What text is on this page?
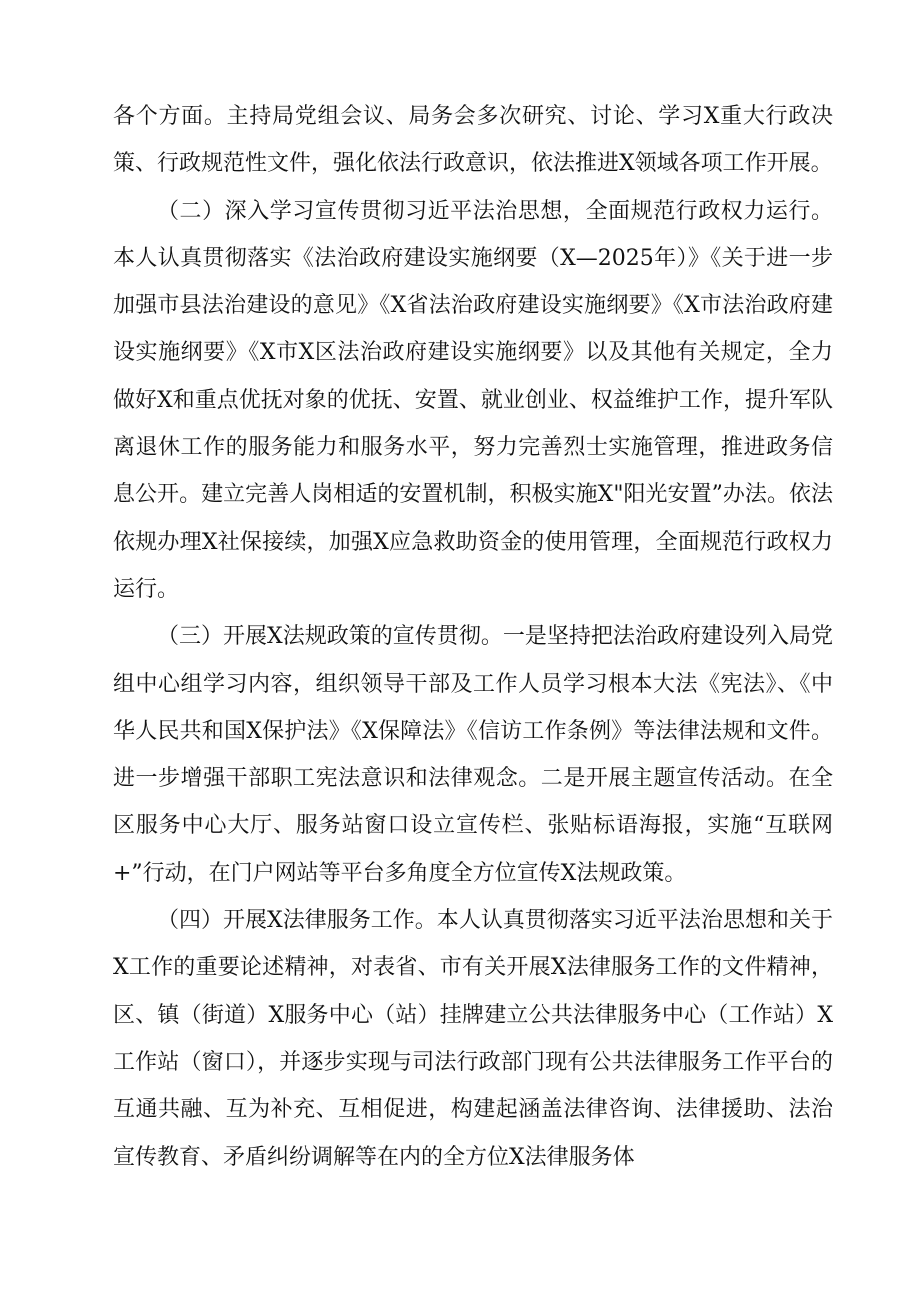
各个方面。主持局党组会议、局务会多次研究、讨论、学习X重大行政决策、行政规范性文件，强化依法行政意识，依法推进X领域各项工作开展。

（二）深入学习宣传贯彻习近平法治思想，全面规范行政权力运行。本人认真贯彻落实《法治政府建设实施纲要（X—2025年）》《关于进一步加强市县法治建设的意见》《X省法治政府建设实施纲要》《X市法治政府建设实施纲要》《X市X区法治政府建设实施纲要》以及其他有关规定，全力做好X和重点优抚对象的优抚、安置、就业创业、权益维护工作，提升军队离退休工作的服务能力和服务水平，努力完善烈士实施管理，推进政务信息公开。建立完善人岗相适的安置机制，积极实施X"阳光安置”办法。依法依规办理X社保接续，加强X应急救助资金的使用管理，全面规范行政权力运行。

（三）开展X法规政策的宣传贯彻。一是坚持把法治政府建设列入局党组中心组学习内容，组织领导干部及工作人员学习根本大法《宪法》、《中华人民共和国X保护法》《X保障法》《信访工作条例》等法律法规和文件。进一步增强干部职工宪法意识和法律观念。二是开展主题宣传活动。在全区服务中心大厅、服务站窗口设立宣传栏、张贴标语海报，实施“互联网+”行动，在门户网站等平台多角度全方位宣传X法规政策。

（四）开展X法律服务工作。本人认真贯彻落实习近平法治思想和关于X工作的重要论述精神，对表省、市有关开展X法律服务工作的文件精神，区、镇（街道）X服务中心（站）挂牌建立公共法律服务中心（工作站）X工作站（窗口），并逐步实现与司法行政部门现有公共法律服务工作平台的互通共融、互为补充、互相促进，构建起涵盖法律咨询、法律援助、法治宣传教育、矛盾纠纷调解等在内的全方位X法律服务体
